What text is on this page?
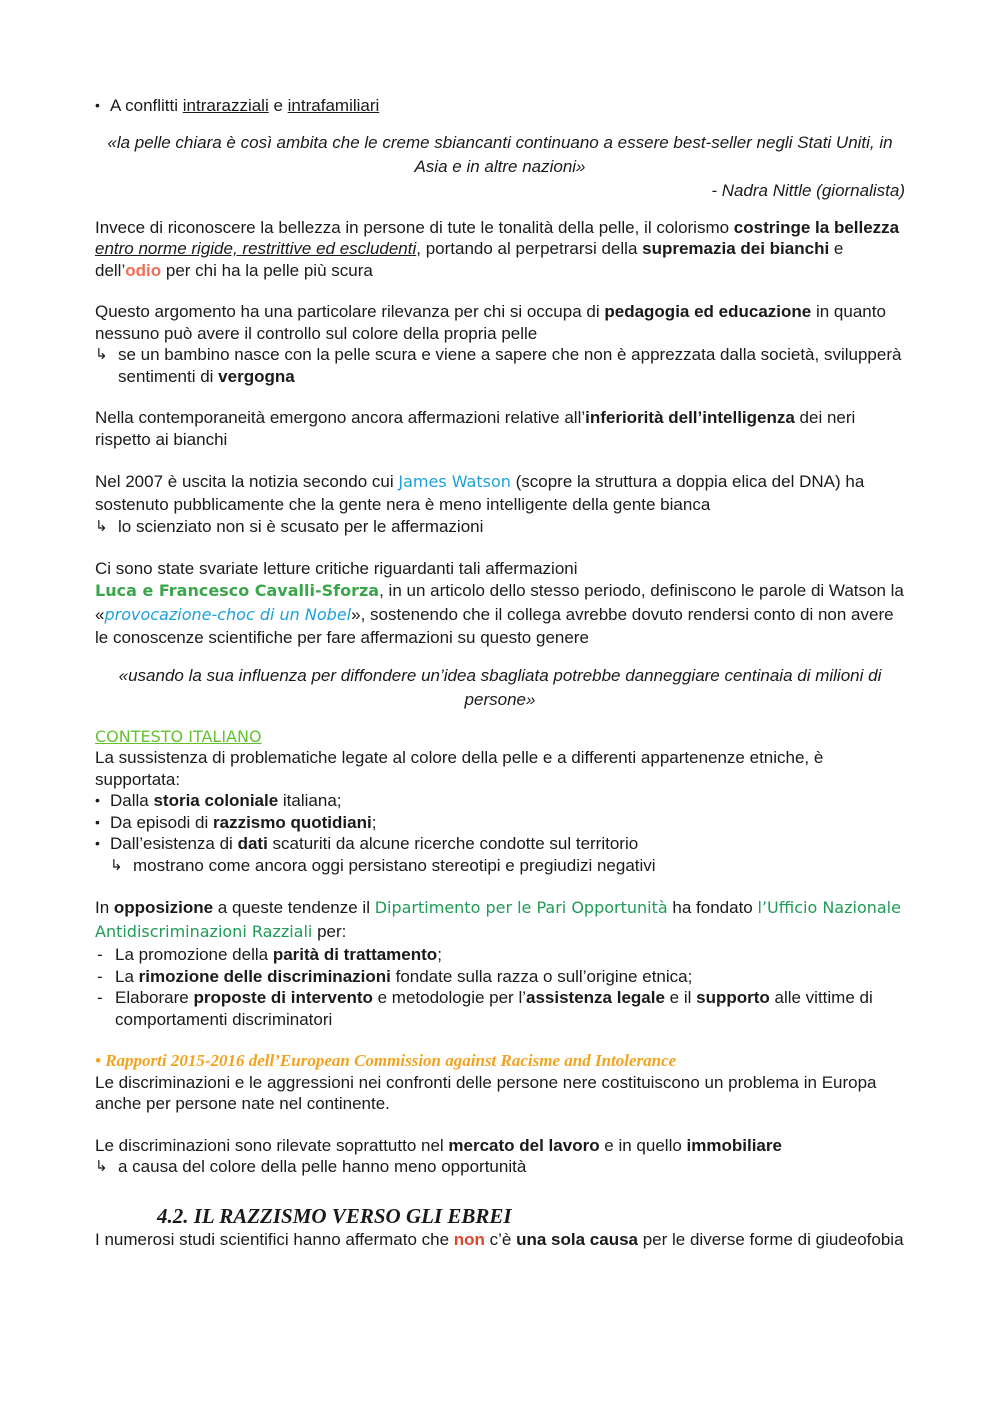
• A conflitti intrarazziali e intrafamiliari

«la pelle chiara è così ambita che le creme sbiancanti continuano a essere best-seller negli Stati Uniti, in Asia e in altre nazioni»

- Nadra Nittle (giornalista)

Invece di riconoscere la bellezza in persone di tute le tonalità della pelle, il colorismo costringe la bellezza entro norme rigide, restrittive ed escludenti, portando al perpetrarsi della supremazia dei bianchi e dell’odio per chi ha la pelle più scura

Questo argomento ha una particolare rilevanza per chi si occupa di pedagogia ed educazione in quanto nessuno può avere il controllo sul colore della propria pelle

↳ se un bambino nasce con la pelle scura e viene a sapere che non è apprezzata dalla società, svilupperà sentimenti di vergogna

Nella contemporaneità emergono ancora affermazioni relative all’inferiorità dell’intelligenza dei neri rispetto ai bianchi

Nel 2007 è uscita la notizia secondo cui James Watson (scopre la struttura a doppia elica del DNA) ha sostenuto pubblicamente che la gente nera è meno intelligente della gente bianca

↳ lo scienziato non si è scusato per le affermazioni

Ci sono state svariate letture critiche riguardanti tali affermazioni

Luca e Francesco Cavalli-Sforza, in un articolo dello stesso periodo, definiscono le parole di Watson la «provocazione-choc di un Nobel», sostenendo che il collega avrebbe dovuto rendersi conto di non avere le conoscenze scientifiche per fare affermazioni su questo genere

«usando la sua influenza per diffondere un’idea sbagliata potrebbe danneggiare centinaia di milioni di persone»

CONTESTO ITALIANO

La sussistenza di problematiche legate al colore della pelle e a differenti appartenenze etniche, è supportata:

• Dalla storia coloniale italiana;

• Da episodi di razzismo quotidiani;

• Dall’esistenza di dati scaturiti da alcune ricerche condotte sul territorio

↳ mostrano come ancora oggi persistano stereotipi e pregiudizi negativi

In opposizione a queste tendenze il Dipartimento per le Pari Opportunità ha fondato l’Ufficio Nazionale Antidiscriminazioni Razziali per:

- La promozione della parità di trattamento;

- La rimozione delle discriminazioni fondate sulla razza o sull’origine etnica;

- Elaborare proposte di intervento e metodologie per l’assistenza legale e il supporto alle vittime di comportamenti discriminatori

• Rapporti 2015-2016 dell’European Commission against Racisme and Intolerance

Le discriminazioni e le aggressioni nei confronti delle persone nere costituiscono un problema in Europa anche per persone nate nel continente.

Le discriminazioni sono rilevate soprattutto nel mercato del lavoro e in quello immobiliare

↳ a causa del colore della pelle hanno meno opportunità

4.2. IL RAZZISMO VERSO GLI EBREI

I numerosi studi scientifici hanno affermato che non c’è una sola causa per le diverse forme di giudeofobia
